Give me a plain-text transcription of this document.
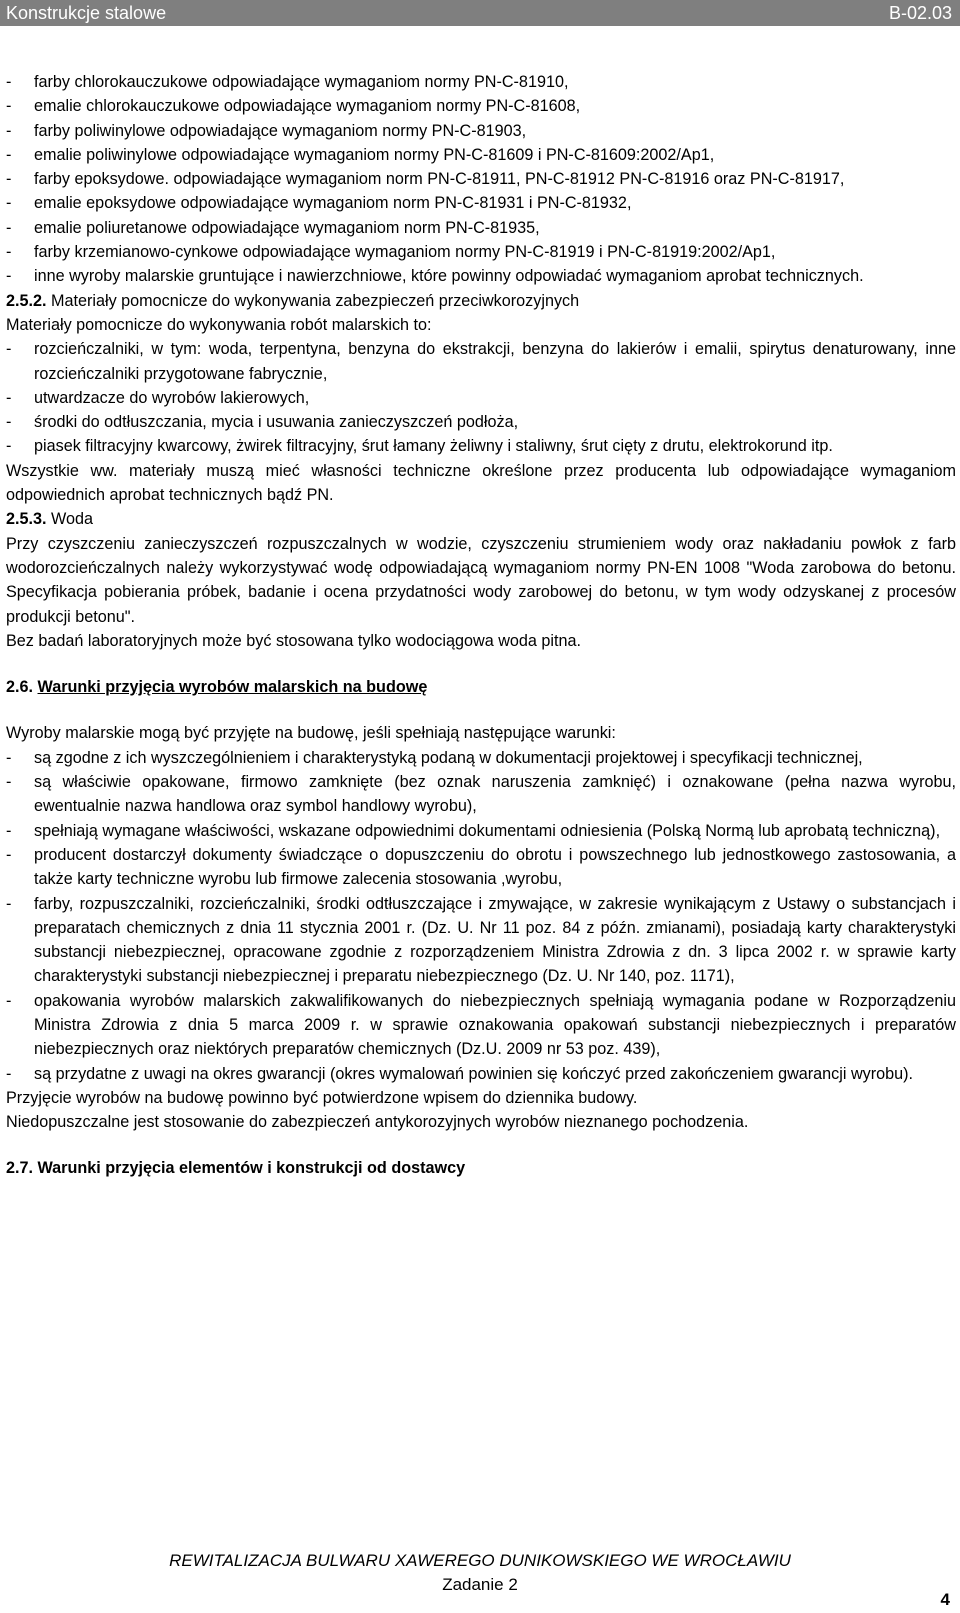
Konstrukcje stalowe	B-02.03
-	farby chlorokauczukowe odpowiadające wymaganiom normy PN-C-81910,
-	emalie chlorokauczukowe odpowiadające wymaganiom normy PN-C-81608,
-	farby poliwinylowe odpowiadające wymaganiom normy PN-C-81903,
-	emalie poliwinylowe odpowiadające wymaganiom normy PN-C-81609 i PN-C-81609:2002/Ap1,
-	farby epoksydowe. odpowiadające wymaganiom norm PN-C-81911, PN-C-81912 PN-C-81916 oraz PN-C-81917,
-	emalie epoksydowe odpowiadające wymaganiom norm PN-C-81931 i PN-C-81932,
-	emalie poliuretanowe odpowiadające wymaganiom norm PN-C-81935,
-	farby krzemianowo-cynkowe odpowiadające wymaganiom normy PN-C-81919 i PN-C-81919:2002/Ap1,
-	inne wyroby malarskie gruntujące i nawierzchniowe, które powinny odpowiadać wymaganiom aprobat technicznych.
2.5.2. Materiały pomocnicze do wykonywania zabezpieczeń przeciwkorozyjnych
Materiały pomocnicze do wykonywania robót malarskich to:
-	rozcieńczalniki, w tym: woda, terpentyna, benzyna do ekstrakcji, benzyna do lakierów i emalii, spirytus denaturowany, inne rozcieńczalniki przygotowane fabrycznie,
-	utwardzacze do wyrobów lakierowych,
-	środki do odtłuszczania, mycia i usuwania zanieczyszczeń podłoża,
-	piasek filtracyjny kwarcowy, żwirek filtracyjny, śrut łamany żeliwny i staliwny, śrut cięty z drutu, elektrokorund itp.
Wszystkie ww. materiały muszą mieć własności techniczne określone przez producenta lub odpowiadające wymaganiom odpowiednich aprobat technicznych bądź PN.
2.5.3. Woda
Przy czyszczeniu zanieczyszczeń rozpuszczalnych w wodzie, czyszczeniu strumieniem wody oraz nakładaniu powłok z farb wodorozcieńczalnych należy wykorzystywać wodę odpowiadającą wymaganiom normy PN-EN 1008 "Woda zarobowa do betonu. Specyfikacja pobierania próbek, badanie i ocena przydatności wody zarobowej do betonu, w tym wody odzyskanej z procesów produkcji betonu".
Bez badań laboratoryjnych może być stosowana tylko wodociągowa woda pitna.
2.6. Warunki przyjęcia wyrobów malarskich na budowę
Wyroby malarskie mogą być przyjęte na budowę, jeśli spełniają następujące warunki:
-	są zgodne z ich wyszczególnieniem i charakterystyką podaną w dokumentacji projektowej i specyfikacji technicznej,
-	są właściwie opakowane, firmowo zamknięte (bez oznak naruszenia zamknięć) i oznakowane (pełna nazwa wyrobu, ewentualnie nazwa handlowa oraz symbol handlowy wyrobu),
-	spełniają wymagane właściwości, wskazane odpowiednimi dokumentami odniesienia (Polską Normą lub aprobatą techniczną),
-	producent dostarczył dokumenty świadczące o dopuszczeniu do obrotu i powszechnego lub jednostkowego zastosowania, a także karty techniczne wyrobu lub firmowe zalecenia stosowania ,wyrobu,
-	farby, rozpuszczalniki, rozcieńczalniki, środki odtłuszczające i zmywające, w zakresie wynikającym z Ustawy o substancjach i preparatach chemicznych z dnia 11 stycznia 2001 r. (Dz. U. Nr 11 poz. 84 z późn. zmianami), posiadają karty charakterystyki substancji niebezpiecznej, opracowane zgodnie z rozporządzeniem Ministra Zdrowia z dn. 3 lipca 2002 r. w sprawie karty charakterystyki substancji niebezpiecznej i preparatu niebezpiecznego (Dz. U. Nr 140, poz. 1171),
-	opakowania wyrobów malarskich zakwalifikowanych do niebezpiecznych spełniają wymagania podane w Rozporządzeniu Ministra Zdrowia z dnia 5 marca 2009 r. w sprawie oznakowania opakowań substancji niebezpiecznych i preparatów niebezpiecznych oraz niektórych preparatów chemicznych (Dz.U. 2009 nr 53 poz. 439),
-	są przydatne z uwagi na okres gwarancji (okres wymalowań powinien się kończyć przed zakończeniem gwarancji wyrobu).
Przyjęcie wyrobów na budowę powinno być potwierdzone wpisem do dziennika budowy.
Niedopuszczalne jest stosowanie do zabezpieczeń antykorozyjnych wyrobów nieznanego pochodzenia.
2.7. Warunki przyjęcia elementów i konstrukcji od dostawcy
REWITALIZACJA BULWARU XAWEREGO DUNIKOWSKIEGO WE WROCŁAWIU
Zadanie 2
4
